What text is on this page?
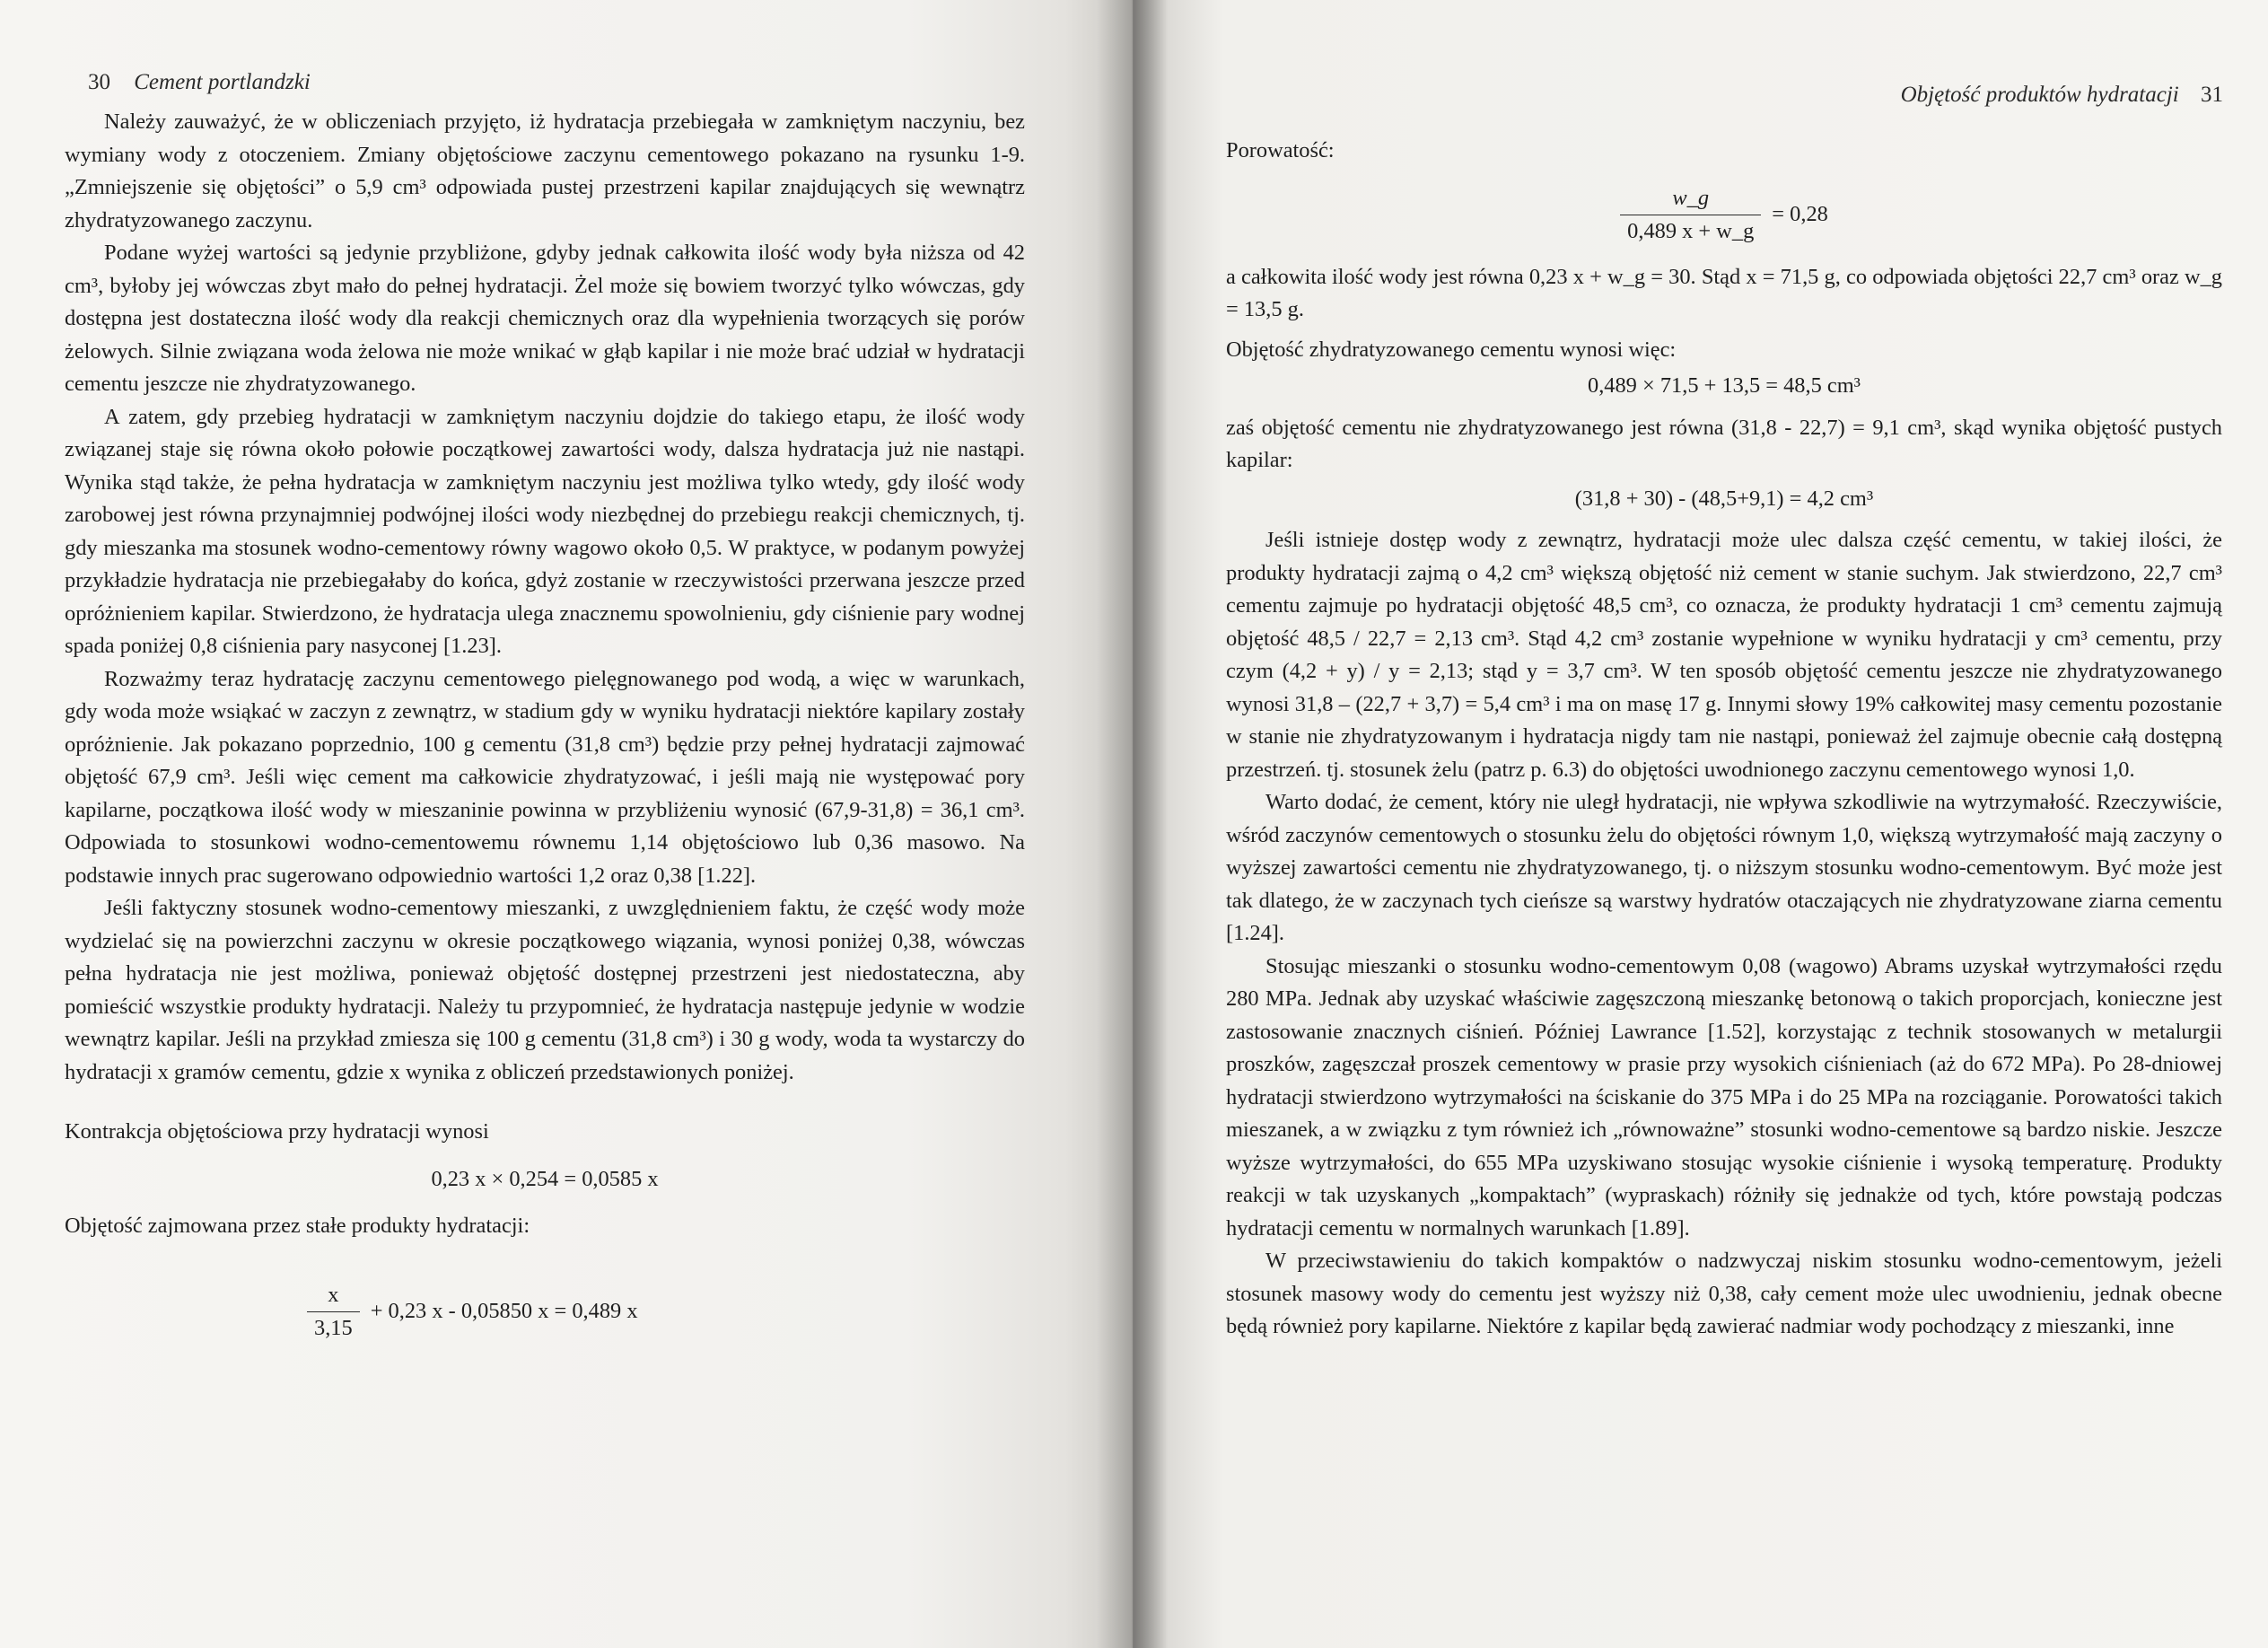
30 Cement portlandzki

Należy zauważyć, że w obliczeniach przyjęto, iż hydratacja przebiegała w zamkniętym naczyniu, bez wymiany wody z otoczeniem. Zmiany objętościowe zaczynu cementowego pokazano na rysunku 1-9. „Zmniejszenie się objętości” o 5,9 cm³ odpowiada pustej przestrzeni kapilar znajdujących się wewnątrz zhydratyzowanego zaczynu.

Podane wyżej wartości są jedynie przybliżone, gdyby jednak całkowita ilość wody była niższa od 42 cm³, byłoby jej wówczas zbyt mało do pełnej hydratacji. Żel może się bowiem tworzyć tylko wówczas, gdy dostępna jest dostateczna ilość wody dla reakcji chemicznych oraz dla wypełnienia tworzących się porów żelowych. Silnie związana woda żelowa nie może wnikać w głąb kapilar i nie może brać udział w hydratacji cementu jeszcze nie zhydratyzowanego.

A zatem, gdy przebieg hydratacji w zamkniętym naczyniu dojdzie do takiego etapu, że ilość wody związanej staje się równa około połowie początkowej zawartości wody, dalsza hydratacja już nie nastąpi. Wynika stąd także, że pełna hydratacja w zamkniętym naczyniu jest możliwa tylko wtedy, gdy ilość wody zarobowej jest równa przynajmniej podwójnej ilości wody niezbędnej do przebiegu reakcji chemicznych, tj. gdy mieszanka ma stosunek wodno-cementowy równy wagowo około 0,5. W praktyce, w podanym powyżej przykładzie hydratacja nie przebiegałaby do końca, gdyż zostanie w rzeczywistości przerwana jeszcze przed opróżnieniem kapilar. Stwierdzono, że hydratacja ulega znacznemu spowolnieniu, gdy ciśnienie pary wodnej spada poniżej 0,8 ciśnienia pary nasyconej [1.23].

Rozważmy teraz hydratację zaczynu cementowego pielęgnowanego pod wodą, a więc w warunkach, gdy woda może wsiąkać w zaczyn z zewnątrz, w stadium gdy w wyniku hydratacji niektóre kapilary zostały opróżnienie. Jak pokazano poprzednio, 100 g cementu (31,8 cm³) będzie przy pełnej hydratacji zajmować objętość 67,9 cm³. Jeśli więc cement ma całkowicie zhydratyzować, i jeśli mają nie występować pory kapilarne, początkowa ilość wody w mieszaninie powinna w przybliżeniu wynosić (67,9-31,8) = 36,1 cm³. Odpowiada to stosunkowi wodno-cementowemu równemu 1,14 objętościowo lub 0,36 masowo. Na podstawie innych prac sugerowano odpowiednio wartości 1,2 oraz 0,38 [1.22].

Jeśli faktyczny stosunek wodno-cementowy mieszanki, z uwzględnieniem faktu, że część wody może wydzielać się na powierzchni zaczynu w okresie początkowego wiązania, wynosi poniżej 0,38, wówczas pełna hydratacja nie jest możliwa, ponieważ objętość dostępnej przestrzeni jest niedostateczna, aby pomieścić wszystkie produkty hydratacji. Należy tu przypomnieć, że hydratacja następuje jedynie w wodzie wewnątrz kapilar. Jeśli na przykład zmiesza się 100 g cementu (31,8 cm³) i 30 g wody, woda ta wystarczy do hydratacji x gramów cementu, gdzie x wynika z obliczeń przedstawionych poniżej.

Kontrakcja objętościowa przy hydratacji wynosi

0,23 x × 0,254 = 0,0585 x

Objętość zajmowana przez stałe produkty hydratacji:

$\frac{x}{3,15} + 0,23$ x - 0,05850 x = 0,489 x
Objętość produktów hydratacji 31

Porowatość:

$\frac{w\_g}{0,489 x + w\_g} = 0,28$

a całkowita ilość wody jest równa 0,23 x + w_g = 30. Stąd x = 71,5 g, co odpowiada objętości 22,7 cm³ oraz w_g = 13,5 g.

Objętość zhydratyzowanego cementu wynosi więc:

0,489 × 71,5 + 13,5 = 48,5 cm³

zaś objętość cementu nie zhydratyzowanego jest równa (31,8 - 22,7) = 9,1 cm³, skąd wynika objętość pustych kapilar:

(31,8 + 30) - (48,5+9,1) = 4,2 cm³

Jeśli istnieje dostęp wody z zewnątrz, hydratacji może ulec dalsza część cementu, w takiej ilości, że produkty hydratacji zajmą o 4,2 cm³ większą objętość niż cement w stanie suchym. Jak stwierdzono, 22,7 cm³ cementu zajmuje po hydratacji objętość 48,5 cm³, co oznacza, że produkty hydratacji 1 cm³ cementu zajmują objętość 48,5 / 22,7 = 2,13 cm³. Stąd 4,2 cm³ zostanie wypełnione w wyniku hydratacji y cm³ cementu, przy czym (4,2 + y) / y = 2,13; stąd y = 3,7 cm³. W ten sposób objętość cementu jeszcze nie zhydratyzowanego wynosi 31,8 – (22,7 + 3,7) = 5,4 cm³ i ma on masę 17 g. Innymi słowy 19% całkowitej masy cementu pozostanie w stanie nie zhydratyzowanym i hydratacja nigdy tam nie nastąpi, ponieważ żel zajmuje obecnie całą dostępną przestrzeń. tj. stosunek żelu (patrz p. 6.3) do objętości uwodnionego zaczynu cementowego wynosi 1,0.

Warto dodać, że cement, który nie uległ hydratacji, nie wpływa szkodliwie na wytrzymałość. Rzeczywiście, wśród zaczynów cementowych o stosunku żelu do objętości równym 1,0, większą wytrzymałość mają zaczyny o wyższej zawartości cementu nie zhydratyzowanego, tj. o niższym stosunku wodno-cementowym. Być może jest tak dlatego, że w zaczynach tych cieńsze są warstwy hydratów otaczających nie zhydratyzowane ziarna cementu [1.24].

Stosując mieszanki o stosunku wodno-cementowym 0,08 (wagowo) Abrams uzyskał wytrzymałości rzędu 280 MPa. Jednak aby uzyskać właściwie zagęszczoną mieszankę betonową o takich proporcjach, konieczne jest zastosowanie znacznych ciśnień. Później Lawrance [1.52], korzystając z technik stosowanych w metalurgii proszków, zagęszczał proszek cementowy w prasie przy wysokich ciśnieniach (aż do 672 MPa). Po 28-dniowej hydratacji stwierdzono wytrzymałości na ściskanie do 375 MPa i do 25 MPa na rozciąganie. Porowatości takich mieszanek, a w związku z tym również ich „równoważne” stosunki wodno-cementowe są bardzo niskie. Jeszcze wyższe wytrzymałości, do 655 MPa uzyskiwano stosując wysokie ciśnienie i wysoką temperaturę. Produkty reakcji w tak uzyskanych „kompaktach” (wypraskach) różniły się jednakże od tych, które powstają podczas hydratacji cementu w normalnych warunkach [1.89].

W przeciwstawieniu do takich kompaktów o nadzwyczaj niskim stosunku wodno-cementowym, jeżeli stosunek masowy wody do cementu jest wyższy niż 0,38, cały cement może ulec uwodnieniu, jednak obecne będą również pory kapilarne. Niektóre z kapilar będą zawierać nadmiar wody pochodzący z mieszanki, inne
